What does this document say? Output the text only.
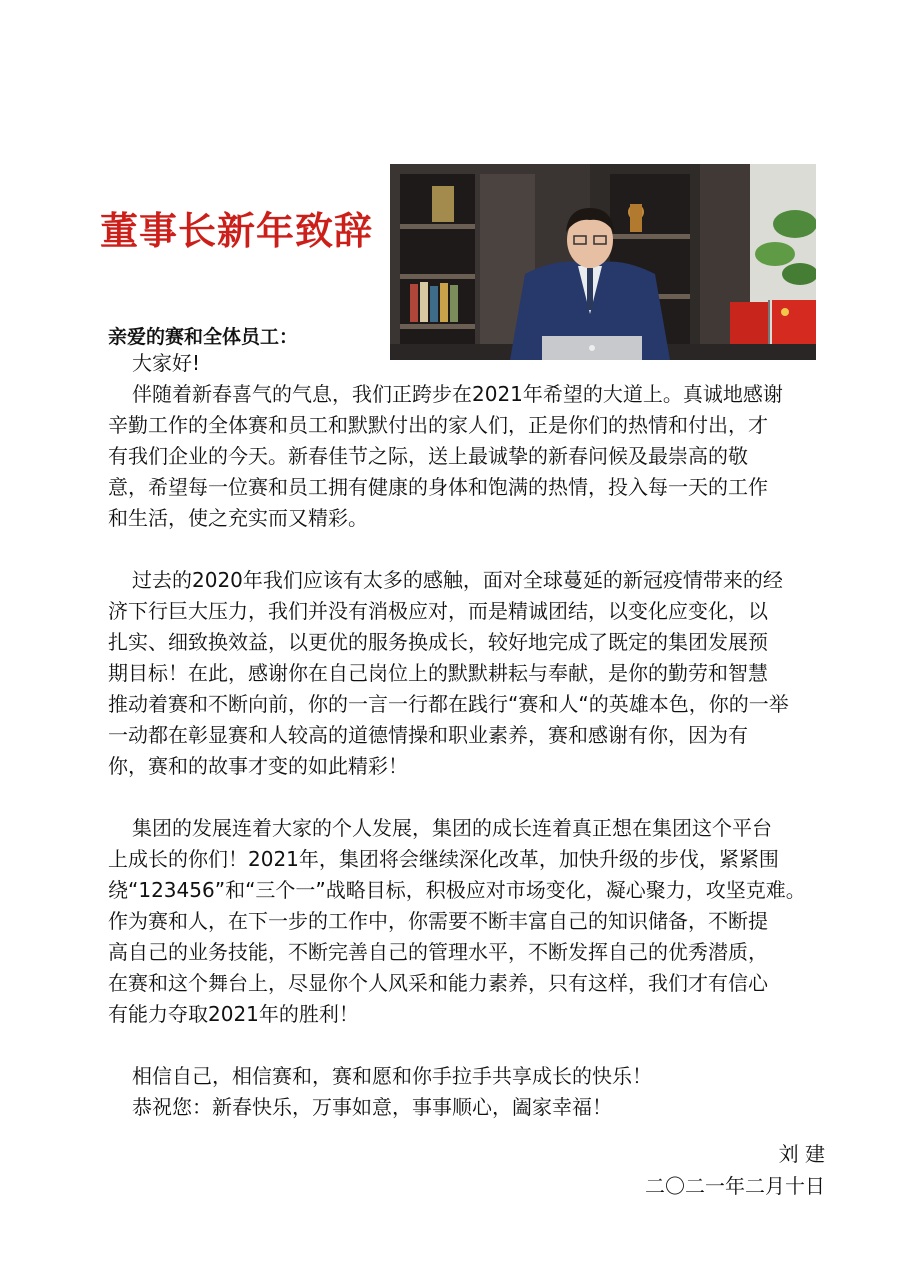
董事长新年致辞
亲爱的赛和全体员工：
大家好!
伴随着新春喜气的气息，我们正跨步在2021年希望的大道上。真诚地感谢
辛勤工作的全体赛和员工和默默付出的家人们，正是你们的热情和付出，才
有我们企业的今天。新春佳节之际，送上最诚挚的新春问候及最崇高的敬
意，希望每一位赛和员工拥有健康的身体和饱满的热情，投入每一天的工作
和生活，使之充实而又精彩。
过去的2020年我们应该有太多的感触，面对全球蔓延的新冠疫情带来的经
济下行巨大压力，我们并没有消极应对，而是精诚团结，以变化应变化，以
扎实、细致换效益，以更优的服务换成长，较好地完成了既定的集团发展预
期目标！在此，感谢你在自己岗位上的默默耕耘与奉献，是你的勤劳和智慧
推动着赛和不断向前，你的一言一行都在践行“赛和人“的英雄本色，你的一举
一动都在彰显赛和人较高的道德情操和职业素养，赛和感谢有你，因为有
你，赛和的故事才变的如此精彩！
集团的发展连着大家的个人发展，集团的成长连着真正想在集团这个平台
上成长的你们！2021年，集团将会继续深化改革，加快升级的步伐，紧紧围
绕“123456”和“三个一”战略目标，积极应对市场变化，凝心聚力，攻坚克难。
作为赛和人，在下一步的工作中，你需要不断丰富自己的知识储备，不断提
高自己的业务技能，不断完善自己的管理水平，不断发挥自己的优秀潜质，
在赛和这个舞台上，尽显你个人风采和能力素养，只有这样，我们才有信心
有能力夺取2021年的胜利！
相信自己，相信赛和，赛和愿和你手拉手共享成长的快乐！
恭祝您：新春快乐，万事如意，事事顺心，阖家幸福！
刘 建
二〇二一年二月十日
